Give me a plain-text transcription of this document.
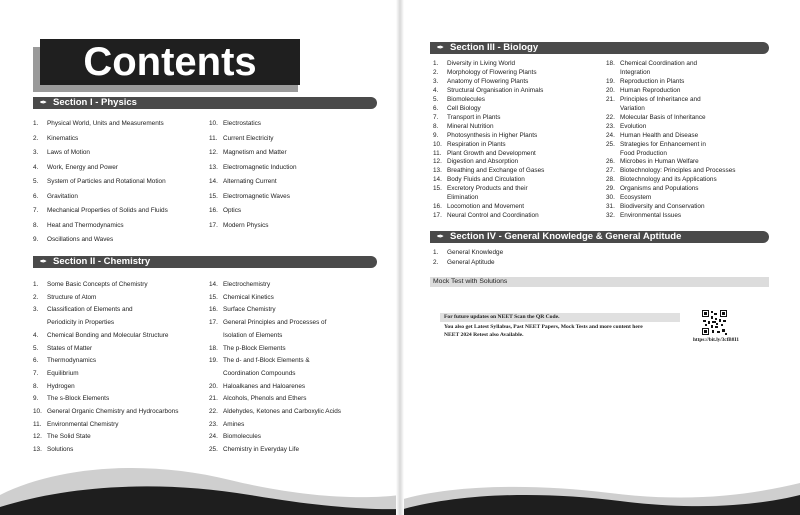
Contents
✒ Section I - Physics
1. Physical World, Units and Measurements
2. Kinematics
3. Laws of Motion
4. Work, Energy and Power
5. System of Particles and Rotational Motion
6. Gravitation
7. Mechanical Properties of Solids and Fluids
8. Heat and Thermodynamics
9. Oscillations and Waves
10. Electrostatics
11. Current Electricity
12. Magnetism and Matter
13. Electromagnetic Induction
14. Alternating Current
15. Electromagnetic Waves
16. Optics
17. Modern Physics
✒ Section II - Chemistry
1. Some Basic Concepts of Chemistry
2. Structure of Atom
3. Classification of Elements and
Periodicity in Properties
4. Chemical Bonding and Molecular Structure
5. States of Matter
6. Thermodynamics
7. Equilibrium
8. Hydrogen
9. The s-Block Elements
10. General Organic Chemistry and Hydrocarbons
11. Environmental Chemistry
12. The Solid State
13. Solutions
14. Electrochemistry
15. Chemical Kinetics
16. Surface Chemistry
17. General Principles and Processes of
Isolation of Elements
18. The p-Block Elements
19. The d- and f-Block Elements &
Coordination Compounds
20. Haloalkanes and Haloarenes
21. Alcohols, Phenols and Ethers
22. Aldehydes, Ketones and Carboxylic Acids
23. Amines
24. Biomolecules
25. Chemistry in Everyday Life
✒ Section III - Biology
1. Diversity in Living World
2. Morphology of Flowering Plants
3. Anatomy of Flowering Plants
4. Structural Organisation in Animals
5. Biomolecules
6. Cell Biology
7. Transport in Plants
8. Mineral Nutrition
9. Photosynthesis in Higher Plants
10. Respiration in Plants
11. Plant Growth and Development
12. Digestion and Absorption
13. Breathing and Exchange of Gases
14. Body Fluids and Circulation
15. Excretory Products and their
Elimination
16. Locomotion and Movement
17. Neural Control and Coordination
18. Chemical Coordination and
Integration
19. Reproduction in Plants
20. Human Reproduction
21. Principles of Inheritance and
Variation
22. Molecular Basis of Inheritance
23. Evolution
24. Human Health and Disease
25. Strategies for Enhancement in
Food Production
26. Microbes in Human Welfare
27. Biotechnology: Principles and Processes
28. Biotechnology and its Applications
29. Organisms and Populations
30. Ecosystem
31. Biodiversity and Conservation
32. Environmental Issues
✒ Section IV - General Knowledge & General Aptitude
1. General Knowledge
2. General Aptitude
Mock Test with Solutions
For future updates on NEET Scan the QR Code.
You also get Latest Syllabus, Past NEET Papers, Mock Tests and more content here
NEET 2024 Retest also Available.
https://bit.ly/3cfB8I1
